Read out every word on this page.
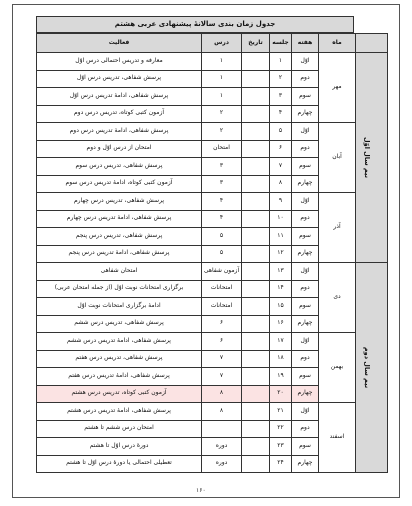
جدول زمان بندی سالانۀ پیشنهادی عربی هشتم
	ماه	هفته	جلسه	تاریخ	درس	فعالیت
نیم سال اوّل	مهر	اوّل	۱		۱	معارفه و تدریس احتمالی درس اوّل
		دوم	۲		۱	پرسش شفاهی، تدریس درس اوّل
		سوم	۳		۱	پرسش شفاهی، ادامۀ تدریس درس اوّل
		چهارم	۴		۲	آزمون کتبی کوتاه، تدریس درس دوم
	آبان	اوّل	۵		۲	پرسش شفاهی، ادامۀ تدریس درس دوم
		دوم	۶		امتحان	امتحان از درس اوّل و دوم
		سوم	۷		۳	پرسش شفاهی، تدریس درس سوم
		چهارم	۸		۳	آزمون کتبی کوتاه، ادامۀ تدریس درس سوم
	آذر	اوّل	۹		۴	پرسش شفاهی، تدریس درس چهارم
		دوم	۱۰		۴	پرسش شفاهی، ادامۀ تدریس درس چهارم
		سوم	۱۱		۵	پرسش شفاهی، تدریس درس پنجم
		چهارم	۱۲		۵	پرسش شفاهی، ادامۀ تدریس درس پنجم
نیم سال دوم	دی	اوّل	۱۳		آزمون شفاهی	امتحان شفاهی
		دوم	۱۴		امتحانات	برگزاری امتحانات نوبت اوّل (از جمله امتحان عربی)
		سوم	۱۵		امتحانات	ادامۀ برگزاری امتحانات نوبت اوّل
		چهارم	۱۶		۶	پرسش شفاهی، تدریس درس ششم
	بهمن	اوّل	۱۷		۶	پرسش شفاهی، ادامۀ تدریس درس ششم
		دوم	۱۸		۷	پرسش شفاهی، تدریس درس هفتم
		سوم	۱۹		۷	پرسش شفاهی، ادامۀ تدریس درس هفتم
		چهارم	۲۰		۸	آزمون کتبی کوتاه، تدریس درس هشتم
	اسفند	اوّل	۲۱		۸	پرسش شفاهی، ادامۀ تدریس درس هشتم
		دوم	۲۲			امتحان درس ششم تا هشتم
		سوم	۲۳		دوره	دورۀ درس اوّل تا هشتم
		چهارم	۲۴		دوره	تعطیلی احتمالی یا دورۀ درس اوّل تا هشتم
۱۶۰
